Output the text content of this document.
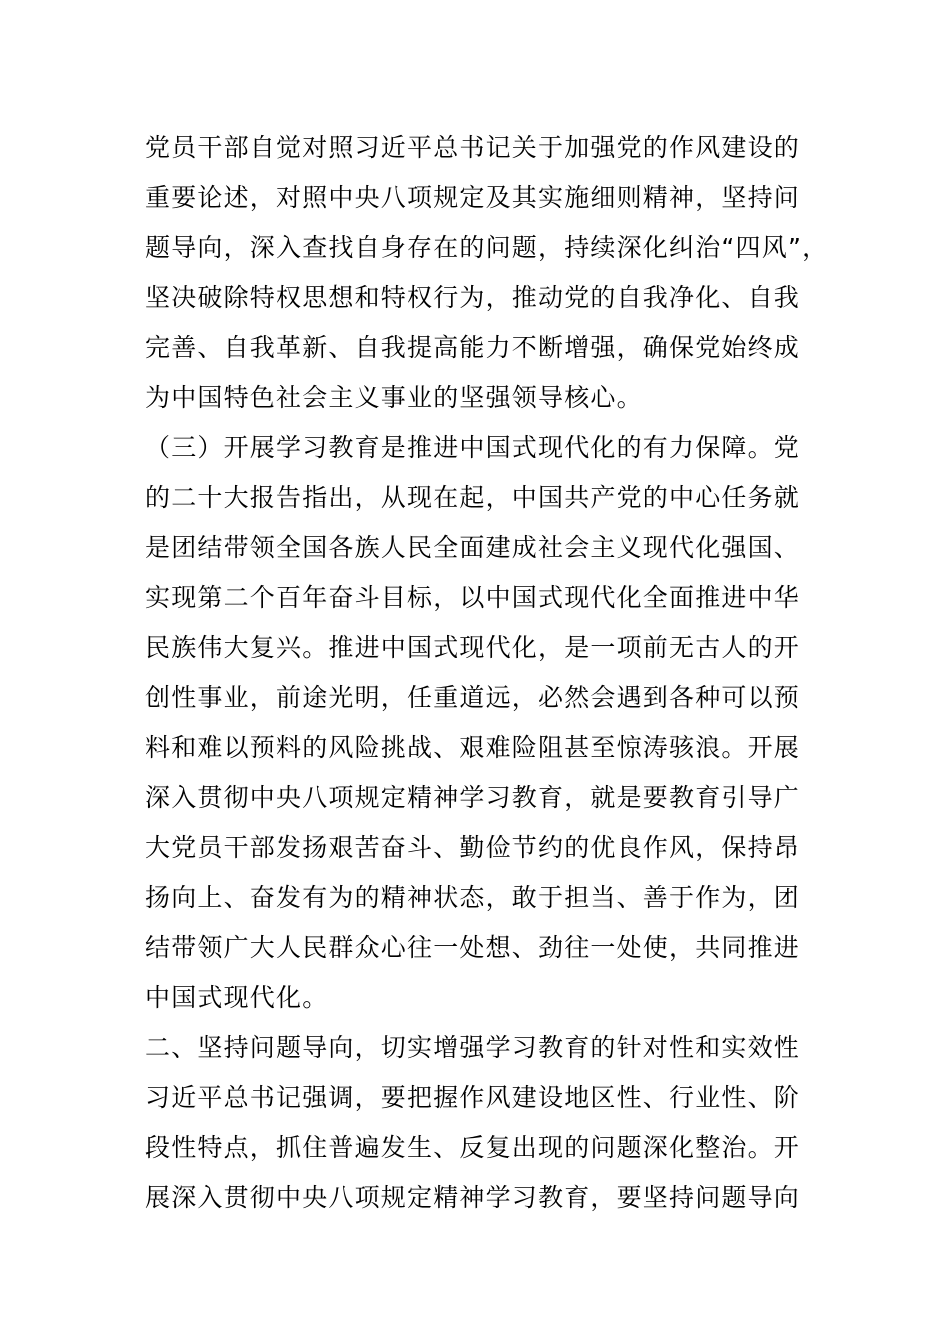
党员干部自觉对照习近平总书记关于加强党的作风建设的
重要论述，对照中央八项规定及其实施细则精神，坚持问
题导向，深入查找自身存在的问题，持续深化纠治“四风”，
坚决破除特权思想和特权行为，推动党的自我净化、自我
完善、自我革新、自我提高能力不断增强，确保党始终成
为中国特色社会主义事业的坚强领导核心。
（三）开展学习教育是推进中国式现代化的有力保障。党
的二十大报告指出，从现在起，中国共产党的中心任务就
是团结带领全国各族人民全面建成社会主义现代化强国、
实现第二个百年奋斗目标，以中国式现代化全面推进中华
民族伟大复兴。推进中国式现代化，是一项前无古人的开
创性事业，前途光明，任重道远，必然会遇到各种可以预
料和难以预料的风险挑战、艰难险阻甚至惊涛骇浪。开展
深入贯彻中央八项规定精神学习教育，就是要教育引导广
大党员干部发扬艰苦奋斗、勤俭节约的优良作风，保持昂
扬向上、奋发有为的精神状态，敢于担当、善于作为，团
结带领广大人民群众心往一处想、劲往一处使，共同推进
中国式现代化。
二、坚持问题导向，切实增强学习教育的针对性和实效性
习近平总书记强调，要把握作风建设地区性、行业性、阶
段性特点，抓住普遍发生、反复出现的问题深化整治。开
展深入贯彻中央八项规定精神学习教育，要坚持问题导向
